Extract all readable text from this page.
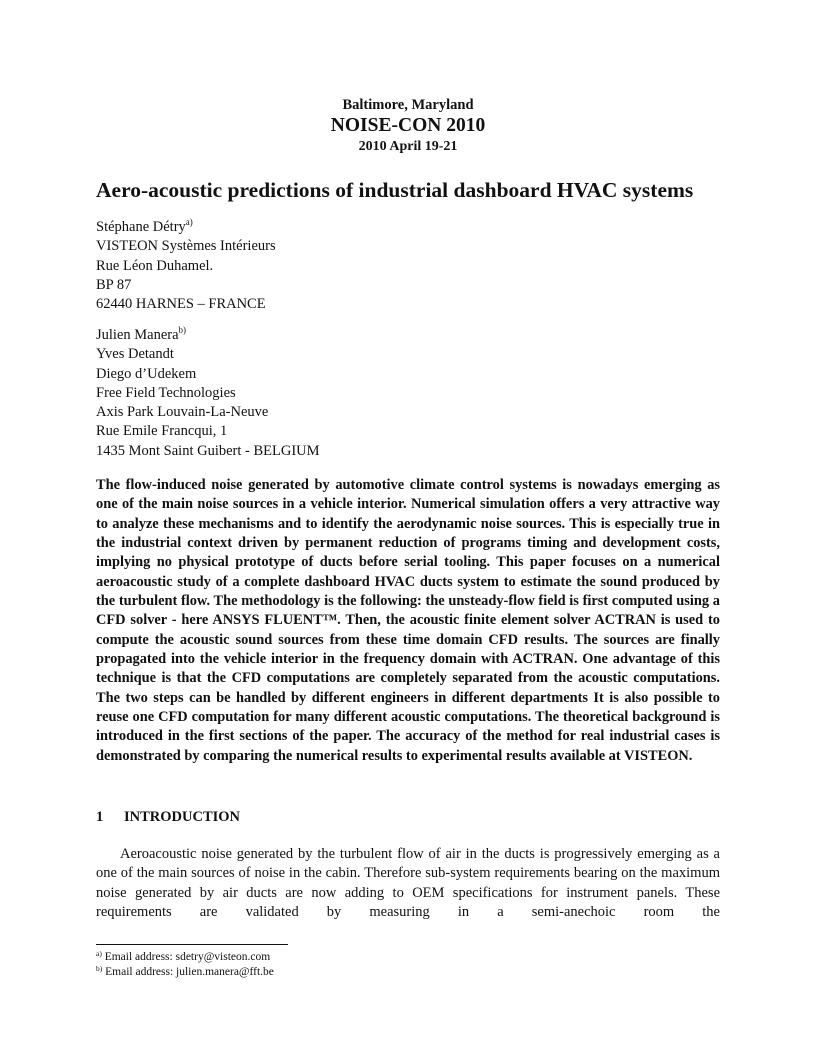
Baltimore, Maryland
NOISE-CON 2010
2010 April 19-21
Aero-acoustic predictions of industrial dashboard HVAC systems
Stéphane Détry$^{a)}$
VISTEON Systèmes Intérieurs
Rue Léon Duhamel.
BP 87
62440 HARNES – FRANCE
Julien Manera$^{b)}$
Yves Detandt
Diego d’Udekem
Free Field Technologies
Axis Park Louvain-La-Neuve
Rue Emile Francqui, 1
1435 Mont Saint Guibert - BELGIUM
The flow-induced noise generated by automotive climate control systems is nowadays emerging as one of the main noise sources in a vehicle interior. Numerical simulation offers a very attractive way to analyze these mechanisms and to identify the aerodynamic noise sources. This is especially true in the industrial context driven by permanent reduction of programs timing and development costs, implying no physical prototype of ducts before serial tooling. This paper focuses on a numerical aeroacoustic study of a complete dashboard HVAC ducts system to estimate the sound produced by the turbulent flow. The methodology is the following: the unsteady-flow field is first computed using a CFD solver - here ANSYS FLUENT™. Then, the acoustic finite element solver ACTRAN is used to compute the acoustic sound sources from these time domain CFD results. The sources are finally propagated into the vehicle interior in the frequency domain with ACTRAN. One advantage of this technique is that the CFD computations are completely separated from the acoustic computations. The two steps can be handled by different engineers in different departments It is also possible to reuse one CFD computation for many different acoustic computations. The theoretical background is introduced in the first sections of the paper. The accuracy of the method for real industrial cases is demonstrated by comparing the numerical results to experimental results available at VISTEON.
1 INTRODUCTION
Aeroacoustic noise generated by the turbulent flow of air in the ducts is progressively emerging as a one of the main sources of noise in the cabin. Therefore sub-system requirements bearing on the maximum noise generated by air ducts are now adding to OEM specifications for instrument panels. These requirements are validated by measuring in a semi-anechoic room the
$^{a)}$ Email address: sdetry@visteon.com
$^{b)}$ Email address: julien.manera@fft.be
